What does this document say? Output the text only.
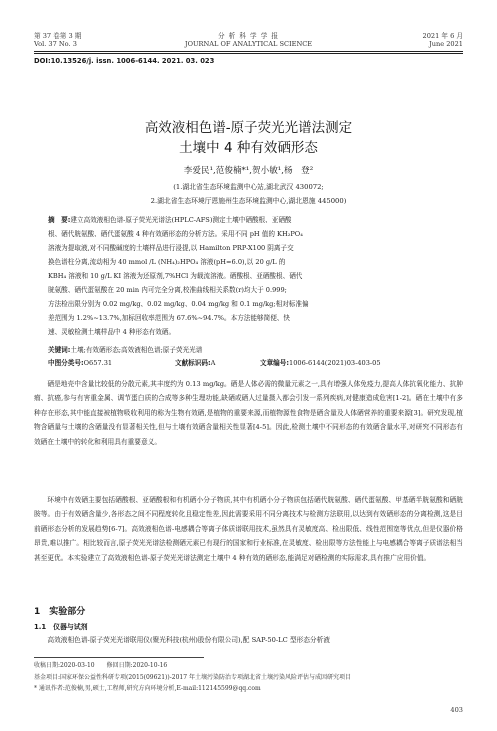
第 37 卷第 3 期	分 析 科 学 学 报	2021 年 6 月
Vol. 37 No. 3	JOURNAL OF ANALYTICAL SCIENCE	June 2021
DOI:10.13526/j. issn. 1006-6144. 2021. 03. 023
高效液相色谱-原子荧光光谱法测定
土壤中 4 种有效硒形态
李爱民¹,范俊楠*¹,贺小敏¹,杨　登²
(1.湖北省生态环境监测中心站,湖北武汉 430072;
2.湖北省生态环境厅恩施州生态环境监测中心,湖北恩施 445000)
摘　要:建立高效液相色谱-原子荧光光谱法(HPLC-AFS)测定土壤中硒酸根、亚硒酸
根、硒代胱氨酸、硒代蛋氨酸 4 种有效硒形态的分析方法。采用不同 pH 值的 KH₂PO₄
溶液为提取液,对不同酸碱度的土壤样品进行浸提,以 Hamilton PRP-X100 阴离子交
换色谱柱分离,流动相为 40 mmol /L (NH₄)₂HPO₄ 溶液(pH=6.0),以 20 g/L 的
KBH₄ 溶液和 10 g/L KI 溶液为还原剂,7%HCl 为载流溶液。硒酸根、亚硒酸根、硒代
胱氨酸、硒代蛋氨酸在 20 min 内可完全分离,校准曲线相关系数(r)均大于 0.999;
方法检出限分别为 0.02 mg/kg、0.02 mg/kg、0.04 mg/kg 和 0.1 mg/kg;相对标准偏
差范围为 1.2%~13.7%,加标回收率范围为 67.6%~94.7%。本方法能够简便、快
速、灵敏检测土壤样品中 4 种形态有效硒。
关键词:土壤;有效硒形态;高效液相色谱;原子荧光光谱
中图分类号:O657.31	文献标识码:A	文章编号:1006-6144(2021)03-403-05
硒是地壳中含量比较低的分散元素,其丰度约为 0.13 mg/kg。硒是人体必需的微量元素之一,具有增强人体免疫力,提高人体抗氧化能力、抗肿瘤、抗癌,参与有害重金属、调节蛋白质的合成等多种生理功能,缺硒或硒人过量摄入都会引发一系列疾病,对健康造成危害[1-2]。硒在土壤中有多种存在形态,其中能直接被植物吸收利用的称为生物有效硒,是植物的重要来源,而植物源性食物是硒含量及人体硒营养的重要来源[3]。研究发现,植物含硒量与土壤的含硒量没有显著相关性,但与土壤有效硒含量相关性显著[4-5]。因此,检测土壤中不同形态的有效硒含量水平,对研究不同形态有效硒在土壤中的转化和利用具有重要意义。
环境中有效硒主要包括硒酸根、亚硒酸根和有机硒小分子物质,其中有机硒小分子物质包括硒代胱氨酸、硒代蛋氨酸、甲基硒半胱氨酸和硒胱胺等。由于有效硒含量少,各形态之间不同程度转化且稳定性差,因此需要采用不同分离技术与检测方法联用,以达到有效硒形态的分离检测,这是目前硒形态分析的发展趋势[6-7]。高效液相色谱-电感耦合等离子体质谱联用技术,虽然具有灵敏度高、检出限低、线性范围宽等优点,但是仪器价格昂贵,难以推广。相比较而言,原子荧光光谱法检测硒元素已有现行的国家和行业标准,在灵敏度、检出限等方法性能上与电感耦合等离子质谱法相当甚至更优。本实验建立了高效液相色谱-原子荧光光谱法测定土壤中 4 种有效的硒形态,能满足对硒检测的实际需求,具有推广应用价值。
1　实验部分
1.1　仪器与试剂
高效液相色谱-原子荧光光谱联用仪(聚光科技(杭州)股份有限公司),配 SAP-50-LC 型形态分析液
收稿日期:2020-03-10　　修回日期:2020-10-16
基金项目:国家环保公益性科研专项(2015(09621))-2017 年土壤污染防治专项湖北省土壤污染风险评估与成因研究项目
* 通讯作者:范俊楠,男,硕士,工程师,研究方向环境分析,E-mail:112145599@qq.com
403
